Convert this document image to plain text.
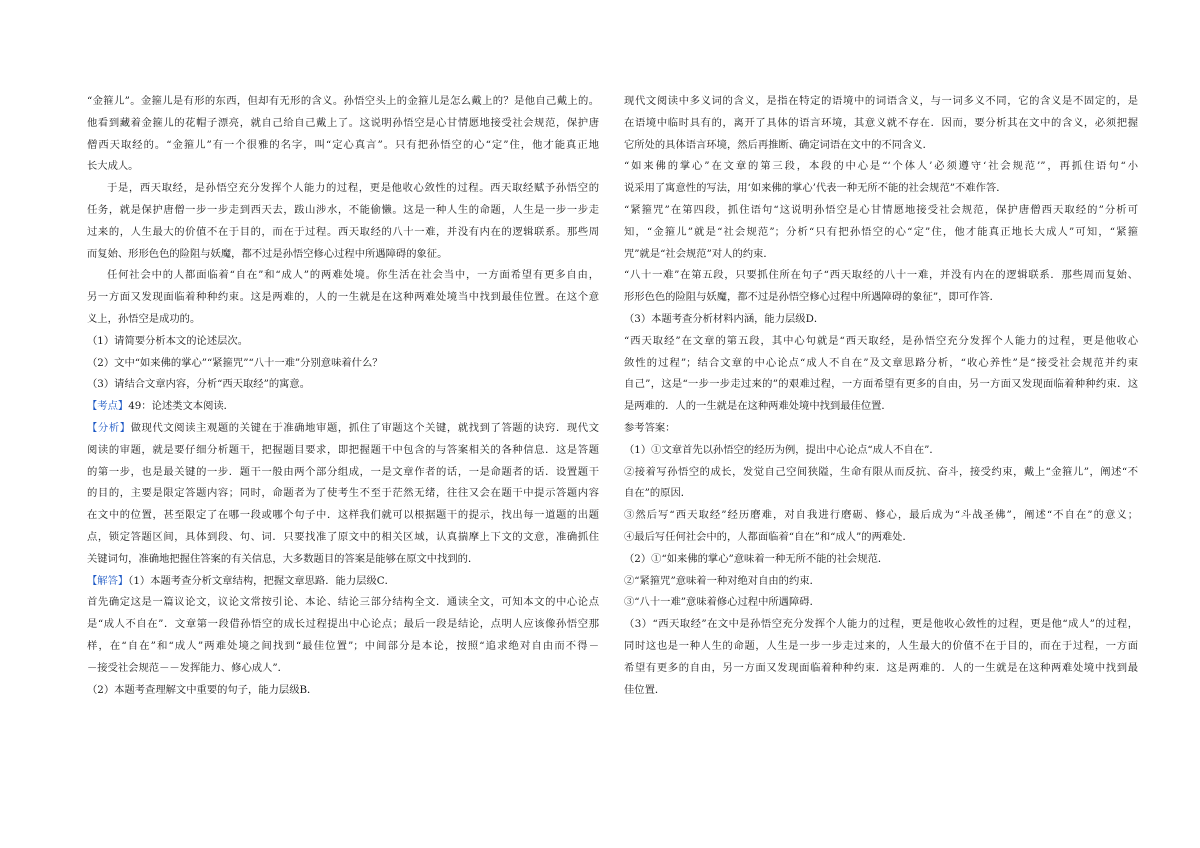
“金箍儿”。金箍儿是有形的东西，但却有无形的含义。孙悟空头上的金箍儿是怎么戴上的？是他自己戴上的。
他看到藏着金箍儿的花帽子漂亮，就自己给自己戴上了。这说明孙悟空是心甘情愿地接受社会规范，保护唐
僧西天取经的。“金箍儿”有一个很雅的名字，叫“定心真言”。只有把孙悟空的心“定”住，他才能真正地
长大成人。
于是，西天取经，是孙悟空充分发挥个人能力的过程，更是他收心敛性的过程。西天取经赋予孙悟空的
任务，就是保护唐僧一步一步走到西天去，跋山涉水，不能偷懒。这是一种人生的命题，人生是一步一步走
过来的，人生最大的价值不在于目的，而在于过程。西天取经的八十一难，并没有内在的逻辑联系。那些周
而复始、形形色色的险阻与妖魔，都不过是孙悟空修心过程中所遇障碍的象征。
任何社会中的人都面临着“自在”和“成人”的两难处境。你生活在社会当中，一方面希望有更多自由，
另一方面又发现面临着种种约束。这是两难的，人的一生就是在这种两难处境当中找到最佳位置。在这个意
义上，孙悟空是成功的。
（1）请简要分析本文的论述层次。
（2）文中“如来佛的掌心”“紧箍咒”“八十一难”分别意味着什么？
（3）请结合文章内容，分析“西天取经”的寓意。
【考点】49：论述类文本阅读．
【分析】做现代文阅读主观题的关键在于准确地审题，抓住了审题这个关键，就找到了答题的诀窍．现代文
阅读的审题，就是要仔细分析题干，把握题目要求，即把握题干中包含的与答案相关的各种信息．这是答题
的第一步，也是最关键的一步．题干一般由两个部分组成，一是文章作者的话，一是命题者的话．设置题干
的目的，主要是限定答题内容；同时，命题者为了使考生不至于茫然无绪，往往又会在题干中提示答题内容
在文中的位置，甚至限定了在哪一段或哪个句子中．这样我们就可以根据题干的提示，找出每一道题的出题
点，锁定答题区间，具体到段、句、词．只要找准了原文中的相关区域，认真揣摩上下文的文意，准确抓住
关键词句，准确地把握住答案的有关信息，大多数题目的答案是能够在原文中找到的．
【解答】（1）本题考查分析文章结构，把握文章思路．能力层级C．
首先确定这是一篇议论文，议论文常按引论、本论、结论三部分结构全文．通读全文，可知本文的中心论点
是“成人不自在”．文章第一段借孙悟空的成长过程提出中心论点；最后一段是结论，点明人应该像孙悟空那
样，在“自在”和“成人”两难处境之间找到“最佳位置”；中间部分是本论，按照“追求绝对自由而不得－
－接受社会规范－－发挥能力、修心成人”．
（2）本题考查理解文中重要的句子，能力层级B．
现代文阅读中多义词的含义，是指在特定的语境中的词语含义，与一词多义不同，它的含义是不固定的，是
在语境中临时具有的，离开了具体的语言环境，其意义就不存在．因而，要分析其在文中的含义，必须把握
它所处的具体语言环境，然后再推断、确定词语在文中的不同含义．
“如来佛的掌心”在文章的第三段，本段的中心是“‘个体人’必须遵守‘社会规范’”，再抓住语句“小
说采用了寓意性的写法，用‘如来佛的掌心’代表一种无所不能的社会规范”不难作答．
“紧箍咒”在第四段，抓住语句“这说明孙悟空是心甘情愿地接受社会规范，保护唐僧西天取经的”分析可
知，“金箍儿”就是“社会规范”；分析“只有把孙悟空的心“定”住，他才能真正地长大成人”可知，“紧箍
咒”就是“社会规范”对人的约束．
“八十一难”在第五段，只要抓住所在句子“西天取经的八十一难，并没有内在的逻辑联系．那些周而复始、
形形色色的险阻与妖魔，都不过是孙悟空修心过程中所遇障碍的象征”，即可作答．
（3）本题考查分析材料内涵，能力层级D．
“西天取经”在文章的第五段，其中心句就是“西天取经，是孙悟空充分发挥个人能力的过程，更是他收心
敛性的过程”；结合文章的中心论点“成人不自在”及文章思路分析，“收心养性”是“接受社会规范并约束
自己”，这是“一步一步走过来的”的艰难过程，一方面希望有更多的自由，另一方面又发现面临着种种约束．这
是两难的．人的一生就是在这种两难处境中找到最佳位置．
参考答案：
（1）①文章首先以孙悟空的经历为例，提出中心论点“成人不自在”．
②接着写孙悟空的成长，发觉自己空间狭隘，生命有限从而反抗、奋斗，接受约束，戴上“金箍儿”，阐述“不
自在”的原因．
③然后写“西天取经”经历磨难，对自我进行磨砺、修心，最后成为“斗战圣佛”，阐述“不自在”的意义；
④最后写任何社会中的，人都面临着“自在”和“成人”的两难处．
（2）①“如来佛的掌心”意味着一种无所不能的社会规范．
②“紧箍咒”意味着一种对绝对自由的约束．
③“八十一难”意味着修心过程中所遇障碍．
（3）“西天取经”在文中是孙悟空充分发挥个人能力的过程，更是他收心敛性的过程，更是他“成人”的过程，
同时这也是一种人生的命题，人生是一步一步走过来的，人生最大的价值不在于目的，而在于过程，一方面
希望有更多的自由，另一方面又发现面临着种种约束．这是两难的．人的一生就是在这种两难处境中找到最
佳位置．
